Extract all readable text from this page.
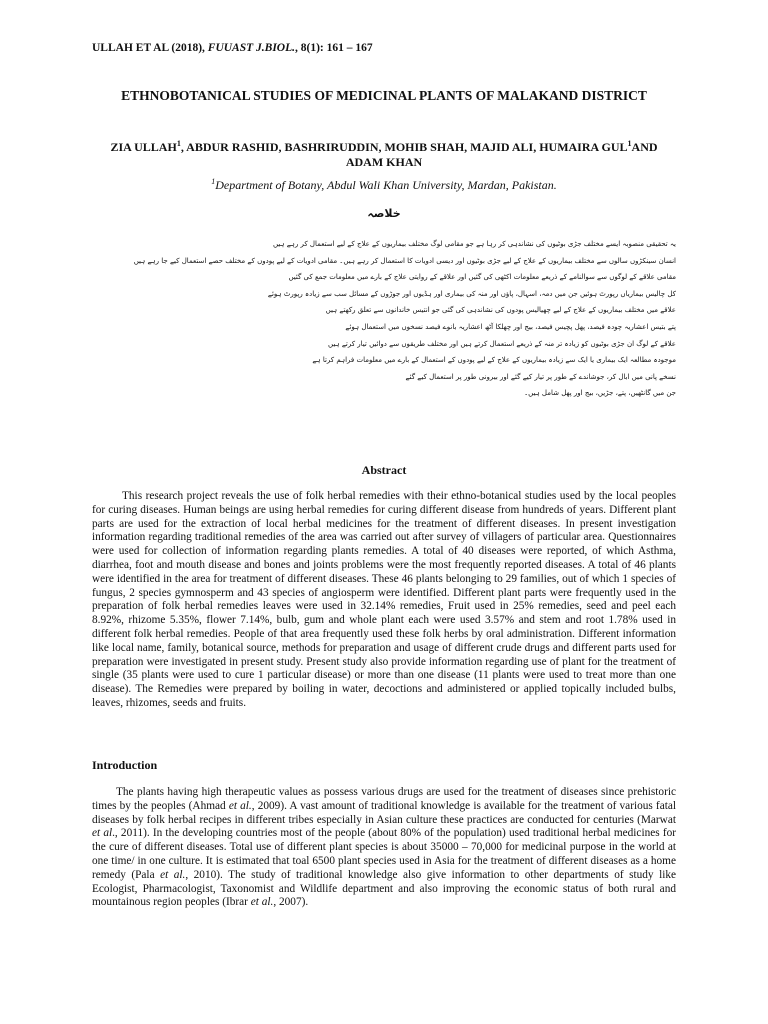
ULLAH ET AL (2018), FUUAST J.BIOL., 8(1): 161 – 167
ETHNOBOTANICAL STUDIES OF MEDICINAL PLANTS OF MALAKAND DISTRICT
ZIA ULLAH$^1$, ABDUR RASHID, BASHRIRUDDIN, MOHIB SHAH, MAJID ALI, HUMAIRA GUL$^1$AND ADAM KHAN
$^1$Department of Botany, Abdul Wali Khan University, Mardan, Pakistan.
خلاصہ
یہ تحقیقی منصوبہ ایسے مختلف جڑی بوٹیوں کی نشاندہی کر رہا ہے جو مقامی لوگ مختلف بیماریوں کے علاج کے لیے استعمال کر رہے ہیں
انسان سینکڑوں سالوں سے مختلف بیماریوں کے علاج کے لیے جڑی بوٹیوں اور دیسی ادویات کا استعمال کر رہے ہیں۔ مقامی ادویات کے لیے پودوں کے مختلف حصے استعمال کیے جا رہے ہیں
مقامی علاقے کے لوگوں سے سوالنامے کے ذریعے معلومات اکٹھی کی گئیں اور علاقے کے روایتی علاج کے بارے میں معلومات جمع کی گئیں
کل چالیس بیماریاں رپورٹ ہوئیں جن میں دمہ، اسہال، پاؤں اور منہ کی بیماری اور ہڈیوں اور جوڑوں کے مسائل سب سے زیادہ رپورٹ ہوئے
علاقے میں مختلف بیماریوں کے علاج کے لیے چھیالیس پودوں کی نشاندہی کی گئی جو انتیس خاندانوں سے تعلق رکھتے ہیں
پتے بتیس اعشاریہ چودہ فیصد، پھل پچیس فیصد، بیج اور چھلکا آٹھ اعشاریہ بانوے فیصد نسخوں میں استعمال ہوئے
علاقے کے لوگ ان جڑی بوٹیوں کو زیادہ تر منہ کے ذریعے استعمال کرتے ہیں اور مختلف طریقوں سے دوائیں تیار کرتے ہیں
موجودہ مطالعہ ایک بیماری یا ایک سے زیادہ بیماریوں کے علاج کے لیے پودوں کے استعمال کے بارے میں معلومات فراہم کرتا ہے
نسخے پانی میں ابال کر، جوشاندے کے طور پر تیار کیے گئے اور بیرونی طور پر استعمال کیے گئے
جن میں گانٹھیں، پتے، جڑیں، بیج اور پھل شامل ہیں۔
Abstract

This research project reveals the use of folk herbal remedies with their ethno-botanical studies used by the local peoples for curing diseases. Human beings are using herbal remedies for curing different disease from hundreds of years. Different plant parts are used for the extraction of local herbal medicines for the treatment of different diseases. In present investigation information regarding traditional remedies of the area was carried out after survey of villagers of particular area. Questionnaires were used for collection of information regarding plants remedies. A total of 40 diseases were reported, of which Asthma, diarrhea, foot and mouth disease and bones and joints problems were the most frequently reported diseases. A total of 46 plants were identified in the area for treatment of different diseases. These 46 plants belonging to 29 families, out of which 1 species of fungus, 2 species gymnosperm and 43 species of angiosperm were identified. Different plant parts were frequently used in the preparation of folk herbal remedies leaves were used in 32.14% remedies, Fruit used in 25% remedies, seed and peel each 8.92%, rhizome 5.35%, flower 7.14%, bulb, gum and whole plant each were used 3.57% and stem and root 1.78% used in different folk herbal remedies. People of that area frequently used these folk herbs by oral administration. Different information like local name, family, botanical source, methods for preparation and usage of different crude drugs and different parts used for preparation were investigated in present study. Present study also provide information regarding use of plant for the treatment of single (35 plants were used to cure 1 particular disease) or more than one disease (11 plants were used to treat more than one disease). The Remedies were prepared by boiling in water, decoctions and administered or applied topically included bulbs, leaves, rhizomes, seeds and fruits.

Introduction

The plants having high therapeutic values as possess various drugs are used for the treatment of diseases since prehistoric times by the peoples (Ahmad et al., 2009). A vast amount of traditional knowledge is available for the treatment of various fatal diseases by folk herbal recipes in different tribes especially in Asian culture these practices are conducted for centuries (Marwat et al., 2011). In the developing countries most of the people (about 80% of the population) used traditional herbal medicines for the cure of different diseases. Total use of different plant species is about 35000 – 70,000 for medicinal purpose in the world at one time/ in one culture. It is estimated that toal 6500 plant species used in Asia for the treatment of different diseases as a home remedy (Pala et al., 2010). The study of traditional knowledge also give information to other departments of study like Ecologist, Pharmacologist, Taxonomist and Wildlife department and also improving the economic status of both rural and mountainous region peoples (Ibrar et al., 2007).
